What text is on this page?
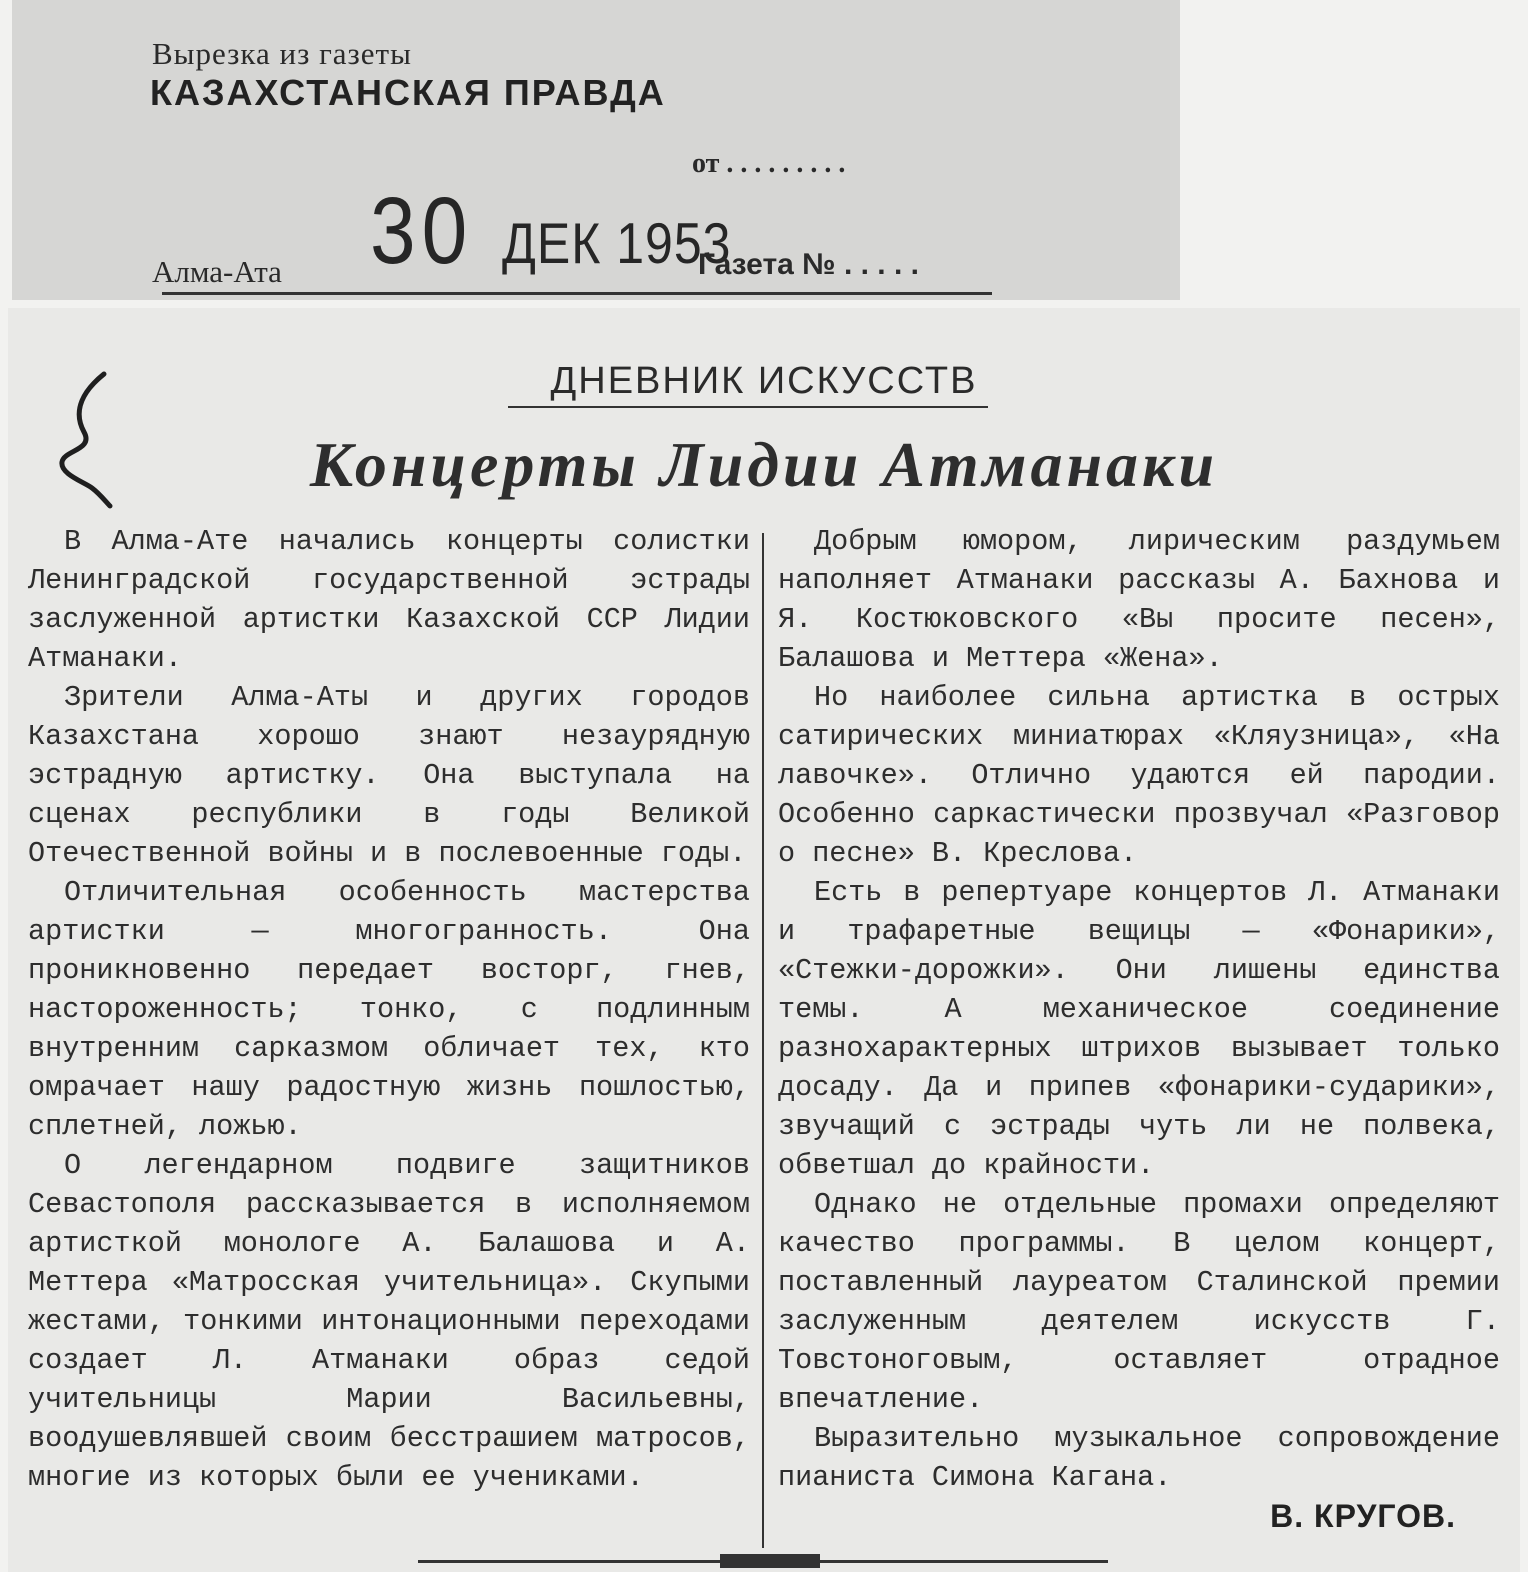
Вырезка из газеты
КАЗАХСТАНСКАЯ ПРАВДА
от . . . . . . . . .
30 ДЕК 1953
Алма-Ата	Газета № . . . . .
ДНЕВНИК ИСКУССТВ
Концерты Лидии Атманаки

В Алма-Ате начались концерты солистки Ленинградской государственной эстрады заслуженной артистки Казахской ССР Лидии Атманаки.

Зрители Алма-Аты и других городов Казахстана хорошо знают незаурядную эстрадную артистку. Она выступала на сценах республики в годы Великой Отечественной войны и в послевоенные годы.

Отличительная особенность мастерства артистки — многогранность. Она проникновенно передает восторг, гнев, настороженность; тонко, с подлинным внутренним сарказмом обличает тех, кто омрачает нашу радостную жизнь пошлостью, сплетней, ложью.

О легендарном подвиге защитников Севастополя рассказывается в исполняемом артисткой монологе А. Балашова и А. Меттера «Матросская учительница». Скупыми жестами, тонкими интонационными переходами создает Л. Атманаки образ седой учительницы Марии Васильевны, воодушевлявшей своим бесстрашием матросов, многие из которых были ее учениками.

Добрым юмором, лирическим раздумьем наполняет Атманаки рассказы А. Бахнова и Я. Костюковского «Вы просите песен», Балашова и Меттера «Жена».

Но наиболее сильна артистка в острых сатирических миниатюрах «Кляузница», «На лавочке». Отлично удаются ей пародии. Особенно саркастически прозвучал «Разговор о песне» В. Креслова.

Есть в репертуаре концертов Л. Атманаки и трафаретные вещицы — «Фонарики», «Стежки-дорожки». Они лишены единства темы. А механическое соединение разнохарактерных штрихов вызывает только досаду. Да и припев «фонарики-сударики», звучащий с эстрады чуть ли не полвека, обветшал до крайности.

Однако не отдельные промахи определяют качество программы. В целом концерт, поставленный лауреатом Сталинской премии заслуженным деятелем искусств Г. Товстоноговым, оставляет отрадное впечатление.

Выразительно музыкальное сопровождение пианиста Симона Кагана.

В. КРУГОВ.
